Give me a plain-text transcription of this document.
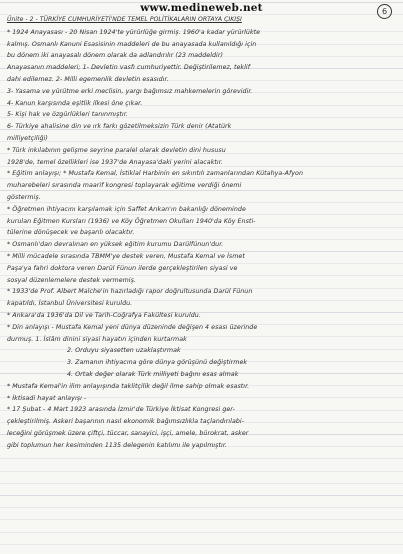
www.medineweb.net	6
Ünite - 2 - TÜRKİYE CUMHURİYETİ'NDE TEMEL POLİTİKALARIN ORTAYA ÇIKIŞI
* 1924 Anayasası - 20 Nisan 1924'te yürürlüğe girmiş. 1960'a kadar yürürlükte
kalmış. Osmanlı Kanuni Esasisinin maddeleri de bu anayasada kullanıldığı için
bu dönem iki anayasalı dönem olarak da adlandırılır (23 maddeldir)
Anayasanın maddeleri; 1- Devletin vasfı cumhuriyettir. Değiştirilemez, teklif
dahi edilemez. 2- Milli egemenlik devletin esasıdır.
3- Yasama ve yürütme erki meclisin, yargı bağımsız mahkemelerin görevidir.
4- Kanun karşısında eşitlik ilkesi öne çıkar.
5- Kişi hak ve özgürlükleri tanınmıştır.
6- Türkiye ahalisine din ve ırk farkı gözetilmeksizin Türk denir (Atatürk
milliyetçiliği)
* Türk inkılabının gelişme seyrine paralel olarak devletin dini hususu
1928'de, temel özellikleri ise 1937'de Anayasa'daki yerini alacaktır.
* Eğitim anlayışı; * Mustafa Kemal, İstiklal Harbinin en sıkıntılı zamanlarından Kütahya-Afyon
muharebeleri sırasında maarif kongresi toplayarak eğitime verdiği önemi
göstermiş.
* Öğretmen ihtiyacını karşılamak için Saffet Arıkan'ın bakanlığı döneminde
kurulan Eğitmen Kursları (1936) ve Köy Öğretmen Okulları 1940'da Köy Ensti-
tülerine dönüşecek ve başarılı olacaktır.
* Osmanlı'dan devralınan en yüksek eğitim kurumu Darülfünun'dur.
* Milli mücadele sırasında TBMM'ye destek veren, Mustafa Kemal ve İsmet
Paşa'ya fahri doktora veren Darül Fünun ilerde gerçekleştirilen siyasi ve
sosyal düzenlemelere destek vermemiş.
* 1933'de Prof. Albert Malche'in hazırladığı rapor doğrultusunda Darül Fünun
kapatıldı, İstanbul Üniversitesi kuruldu.
* Ankara'da 1936'da Dil ve Tarih-Coğrafya Fakültesi kuruldu.
* Din anlayışı - Mustafa Kemal yeni dünya düzeninde değişen 4 esası üzerinde
durmuş. 1. İslâm dinini siyasi hayatın içinden kurtarmak
2. Orduyu siyasetten uzaklaştırmak
3. Zamanın ihtiyacına göre dünya görüşünü değiştirmek
4. Ortak değer olarak Türk milliyeti bağını esas almak
* Mustafa Kemal'in ilim anlayışında taklitçilik değil ilme sahip olmak esastır.
* İktisadi hayat anlayışı -
* 17 Şubat - 4 Mart 1923 arasında İzmir'de Türkiye İktisat Kongresi ger-
çekleştirilmiş. Askeri başarının nasıl ekonomik bağımsızlıkla taçlandırılabi-
leceğini görüşmek üzere çiftçi, tüccar, sanayici, işçi, amele, bürokrat, asker
gibi toplumun her kesiminden 1135 delegenin katılımı ile yapılmıştır.
